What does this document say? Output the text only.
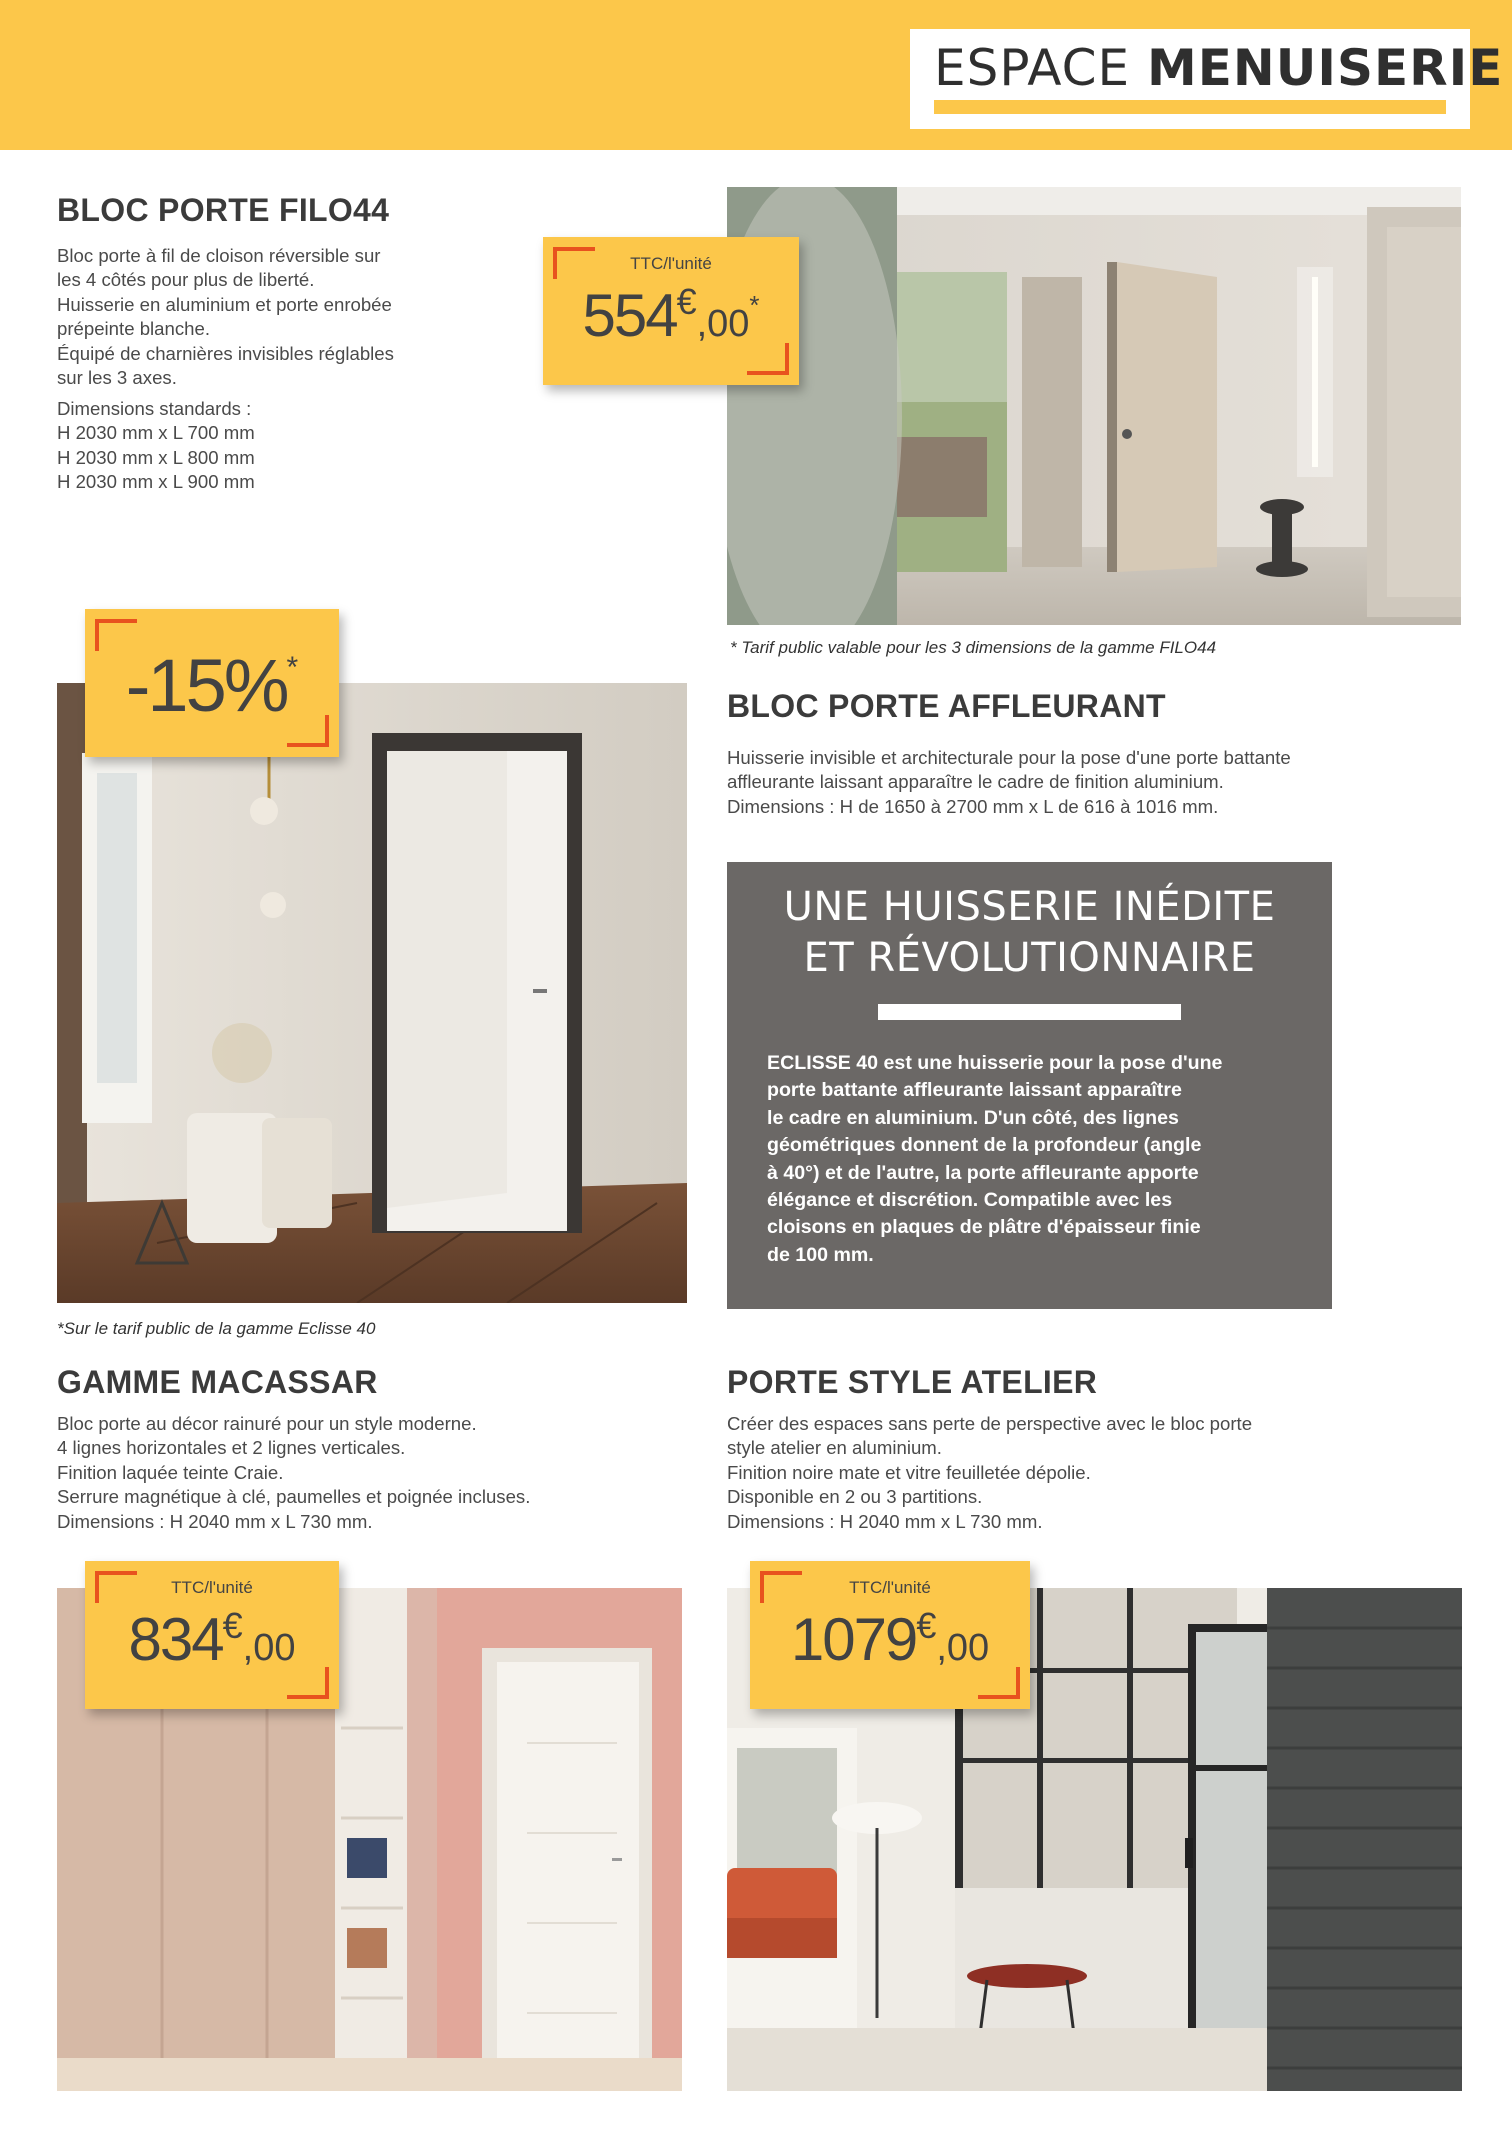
ESPACE MENUISERIE
BLOC PORTE FILO44
Bloc porte à fil de cloison réversible sur
les 4 côtés pour plus de liberté.
Huisserie en aluminium et porte enrobée
prépeinte blanche.
Équipé de charnières invisibles réglables
sur les 3 axes.
Dimensions standards :
H 2030 mm x L 700 mm
H 2030 mm x L 800 mm
H 2030 mm x L 900 mm
TTC/l'unité
554€,00*
* Tarif public valable pour les 3 dimensions de la gamme FILO44
BLOC PORTE AFFLEURANT
Huisserie invisible et architecturale pour la pose d'une porte battante
affleurante laissant apparaître le cadre de finition aluminium.
Dimensions : H de 1650 à 2700 mm x L de 616 à 1016 mm.
UNE HUISSERIE INÉDITE
ET RÉVOLUTIONNAIRE
ECLISSE 40 est une huisserie pour la pose d'une
porte battante affleurante laissant apparaître
le cadre en aluminium. D'un côté, des lignes
géométriques donnent de la profondeur (angle
à 40°) et de l'autre, la porte affleurante apporte
élégance et discrétion. Compatible avec les
cloisons en plaques de plâtre d'épaisseur finie
de 100 mm.
-15%*
*Sur le tarif public de la gamme Eclisse 40
GAMME MACASSAR
Bloc porte au décor rainuré pour un style moderne.
4 lignes horizontales et 2 lignes verticales.
Finition laquée teinte Craie.
Serrure magnétique à clé, paumelles et poignée incluses.
Dimensions : H 2040 mm x L 730 mm.
PORTE STYLE ATELIER
Créer des espaces sans perte de perspective avec le bloc porte
style atelier en aluminium.
Finition noire mate et vitre feuilletée dépolie.
Disponible en 2 ou 3 partitions.
Dimensions : H 2040 mm x L 730 mm.
TTC/l'unité
834€,00
TTC/l'unité
1079€,00
